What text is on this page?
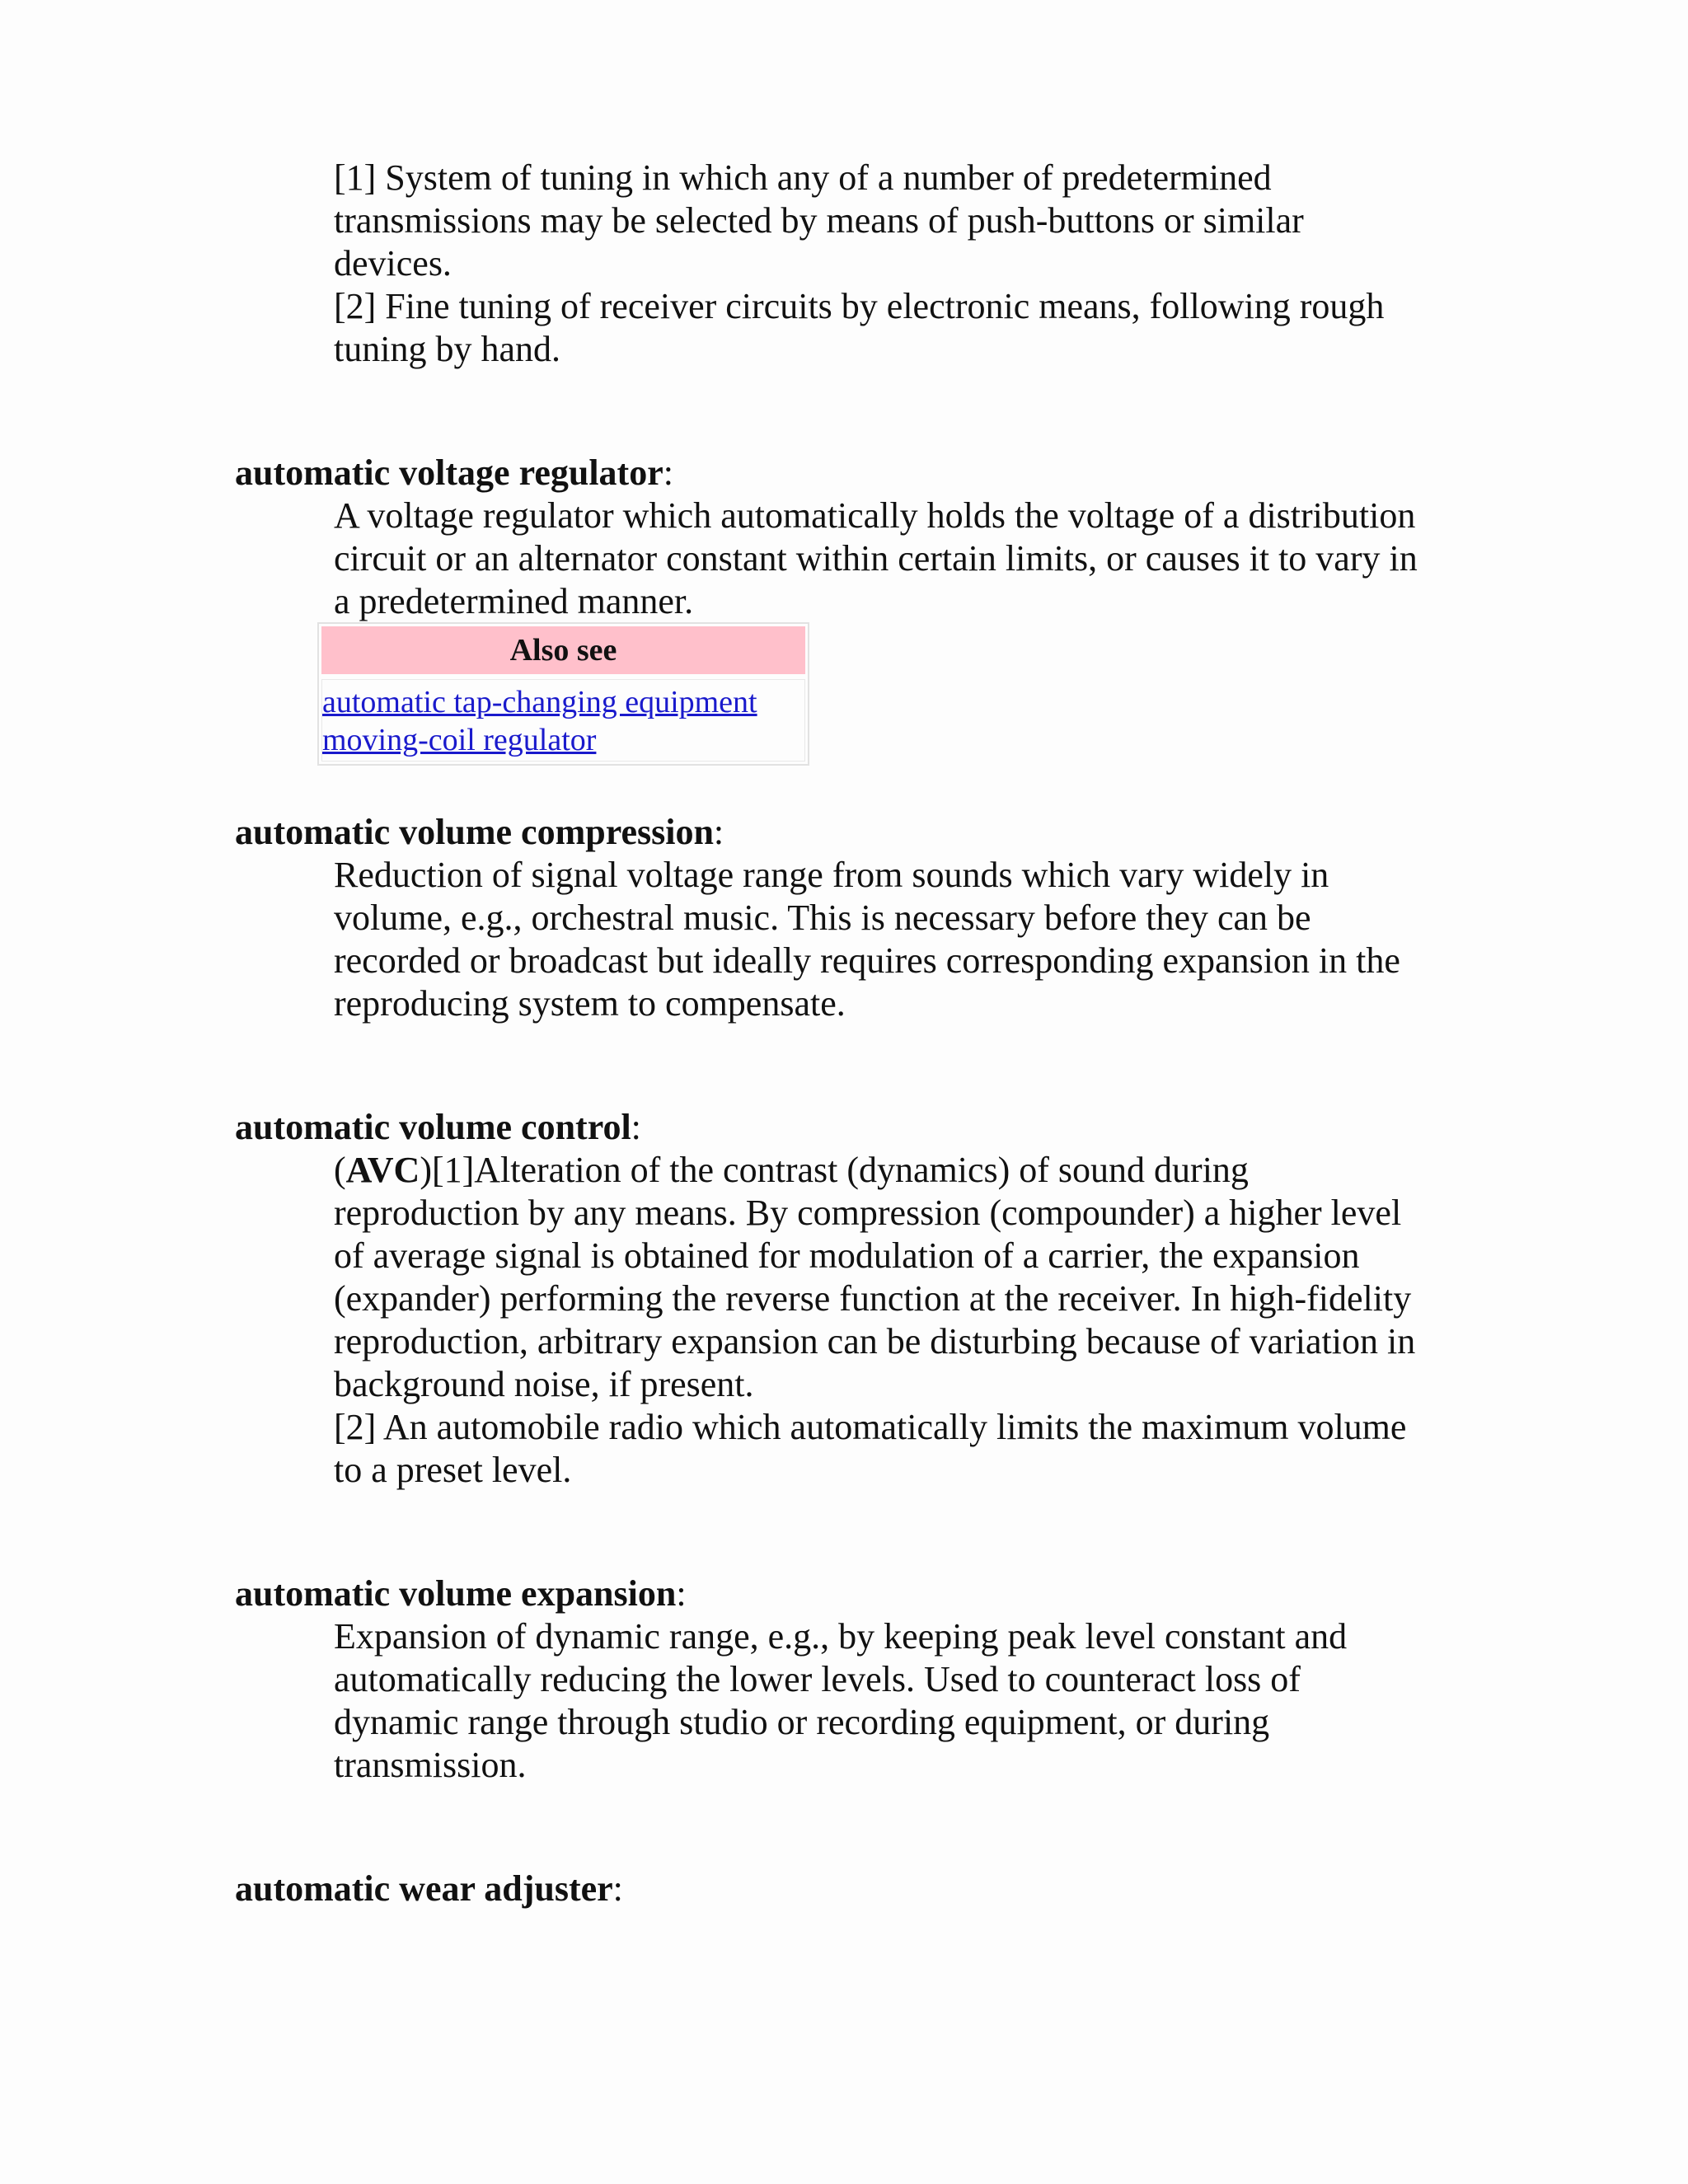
[1] System of tuning in which any of a number of predetermined
transmissions may be selected by means of push-buttons or similar
devices.
[2] Fine tuning of receiver circuits by electronic means, following rough
tuning by hand.
automatic voltage regulator:
A voltage regulator which automatically holds the voltage of a distribution
circuit or an alternator constant within certain limits, or causes it to vary in
a predetermined manner.
Also see
automatic tap-changing equipment
moving-coil regulator
automatic volume compression:
Reduction of signal voltage range from sounds which vary widely in
volume, e.g., orchestral music. This is necessary before they can be
recorded or broadcast but ideally requires corresponding expansion in the
reproducing system to compensate.
automatic volume control:
(AVC)[1]Alteration of the contrast (dynamics) of sound during
reproduction by any means. By compression (compounder) a higher level
of average signal is obtained for modulation of a carrier, the expansion
(expander) performing the reverse function at the receiver. In high-fidelity
reproduction, arbitrary expansion can be disturbing because of variation in
background noise, if present.
[2] An automobile radio which automatically limits the maximum volume
to a preset level.
automatic volume expansion:
Expansion of dynamic range, e.g., by keeping peak level constant and
automatically reducing the lower levels. Used to counteract loss of
dynamic range through studio or recording equipment, or during
transmission.
automatic wear adjuster:
